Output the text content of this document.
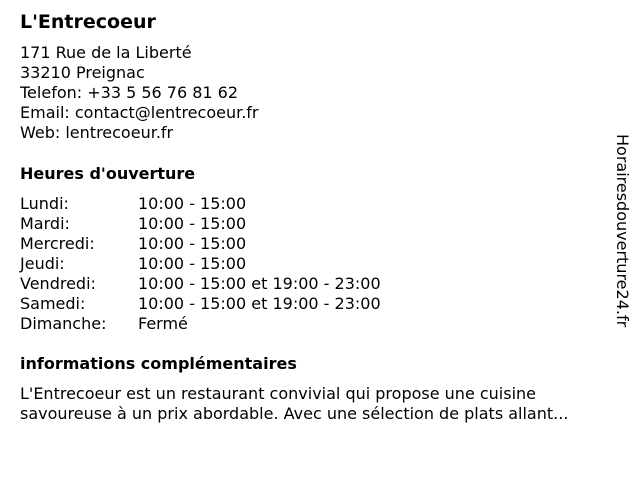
L'Entrecoeur
171 Rue de la Liberté
33210 Preignac
Telefon: +33 5 56 76 81 62
Email: contact@lentrecoeur.fr
Web: lentrecoeur.fr
Heures d'ouverture
Lundi:	10:00 - 15:00
Mardi:	10:00 - 15:00
Mercredi:	10:00 - 15:00
Jeudi:	10:00 - 15:00
Vendredi:	10:00 - 15:00 et 19:00 - 23:00
Samedi:	10:00 - 15:00 et 19:00 - 23:00
Dimanche:	Fermé
informations complémentaires
L'Entrecoeur est un restaurant convivial qui propose une cuisine
savoureuse à un prix abordable. Avec une sélection de plats allant...
Horairesdouverture24.fr
